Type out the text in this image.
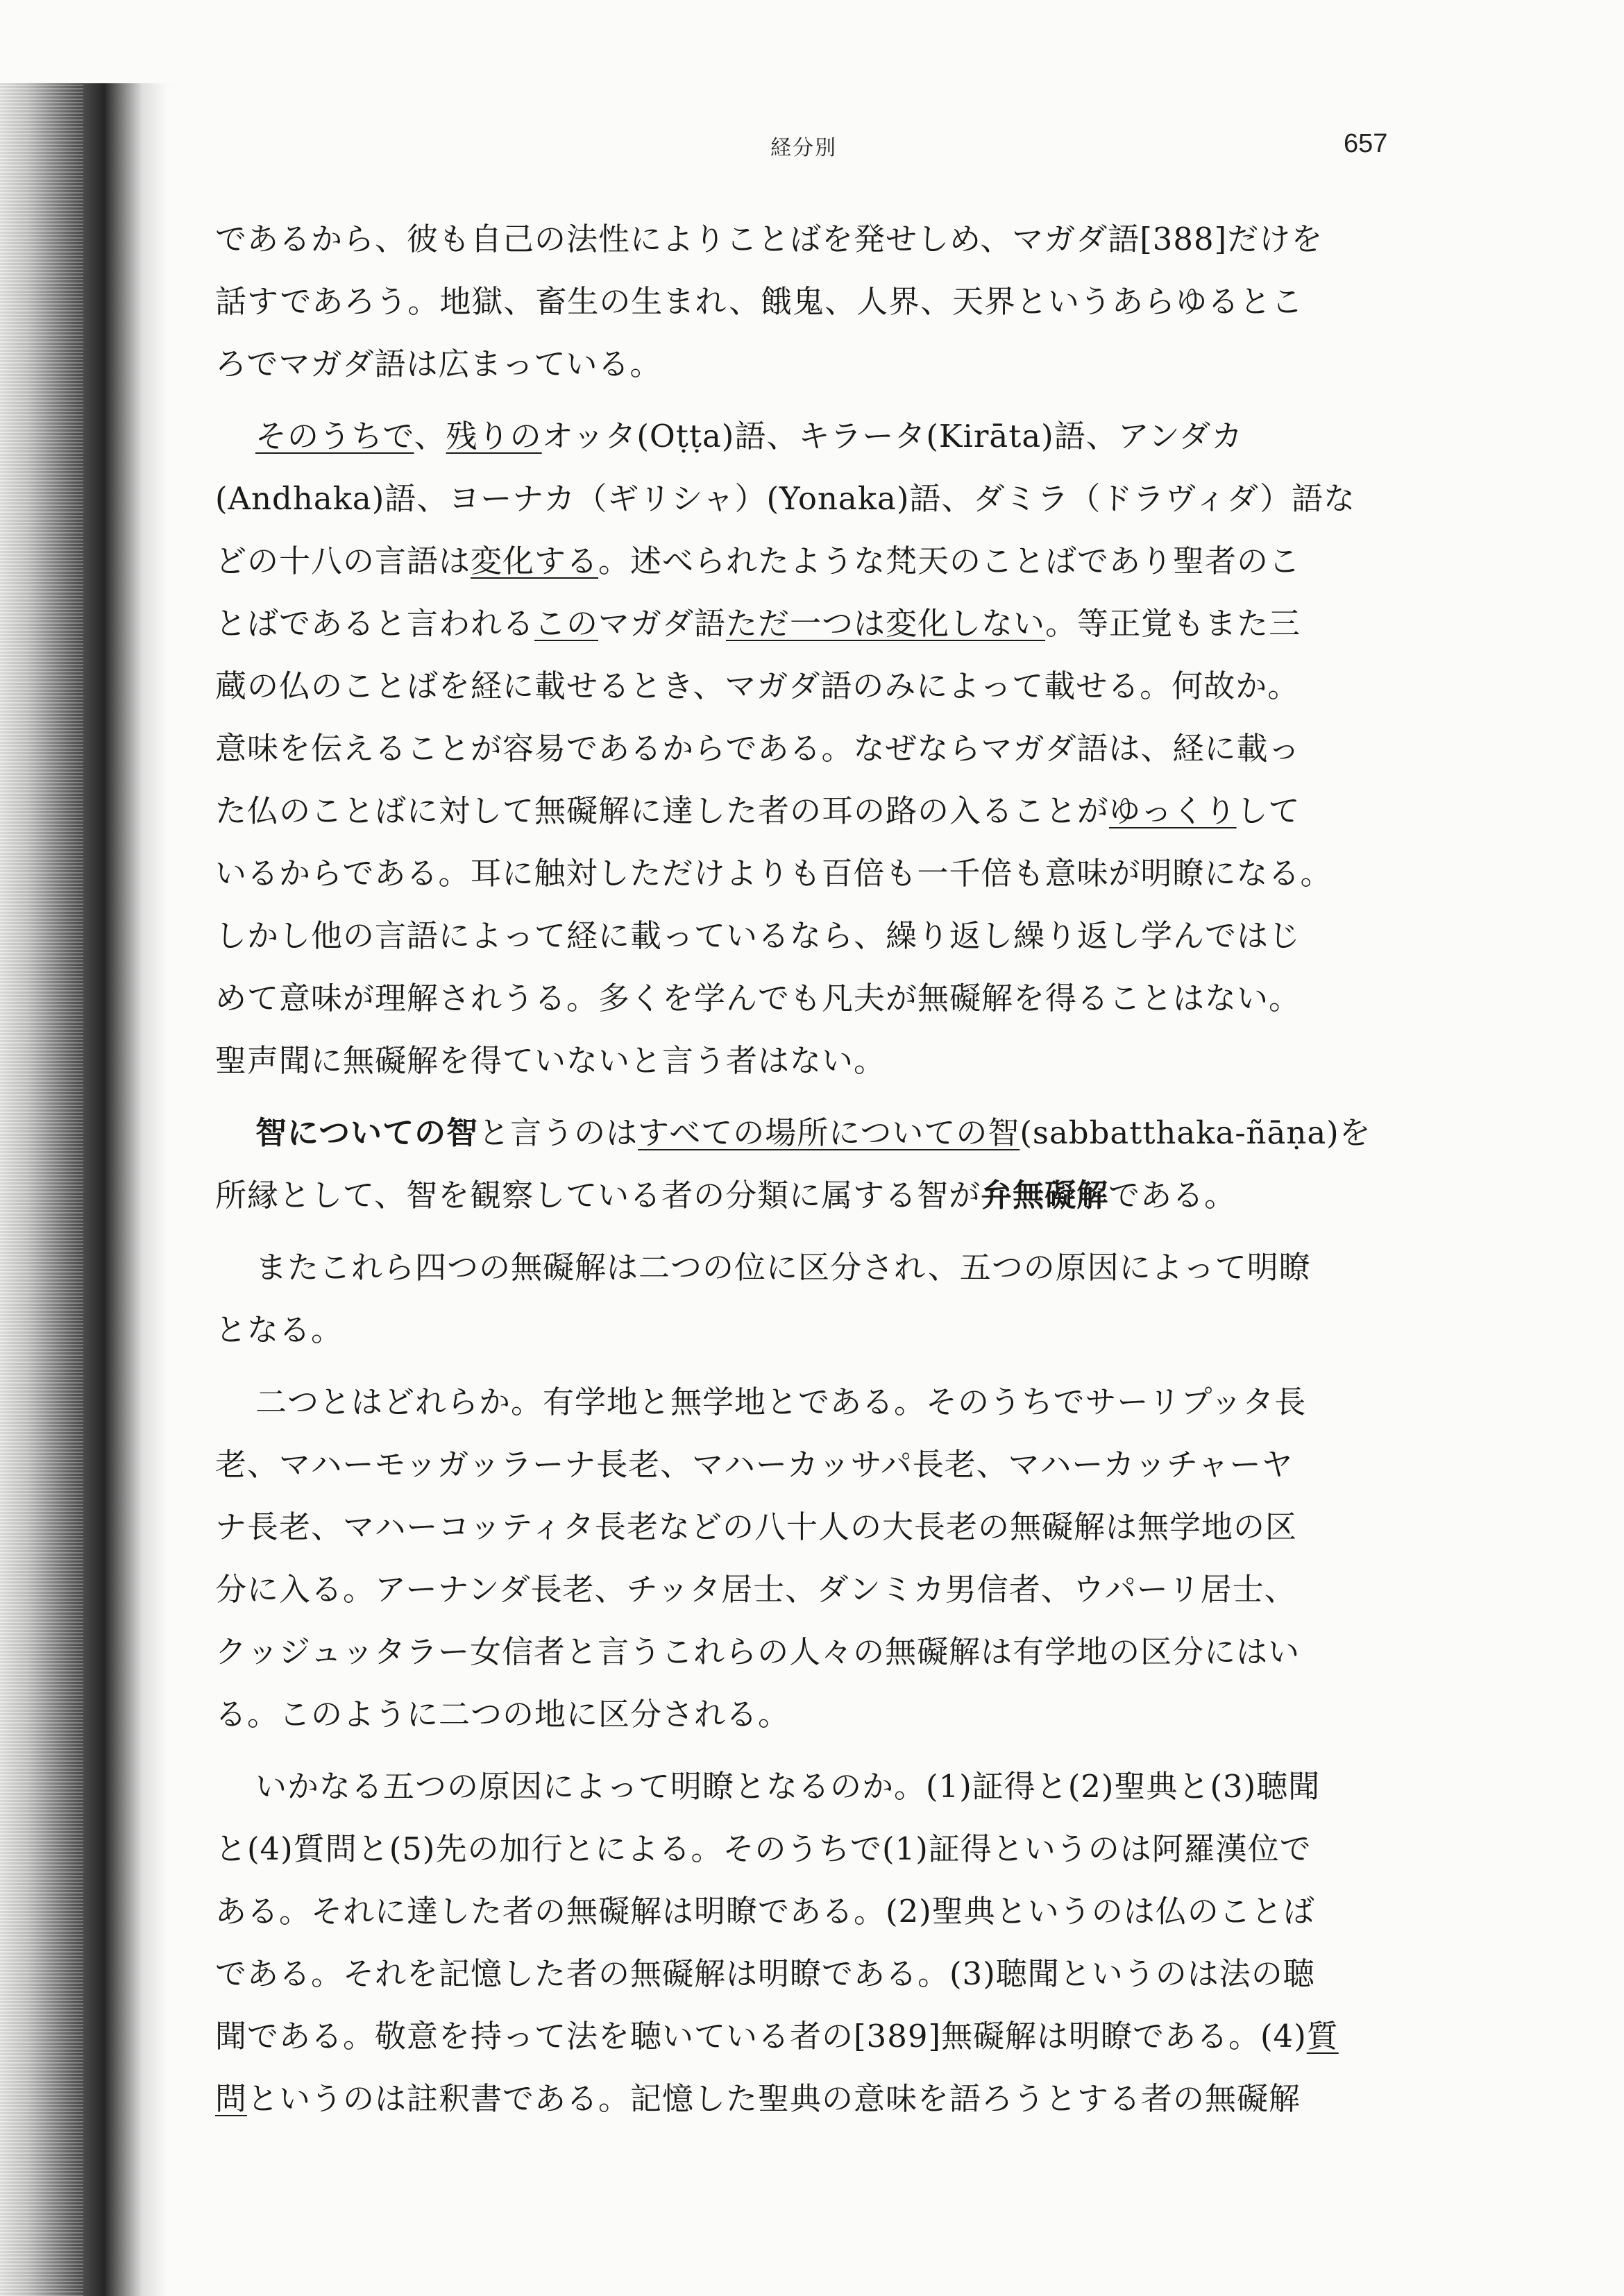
経分別	657
であるから、彼も自己の法性によりことばを発せしめ、マガダ語[388]だけを
話すであろう。地獄、畜生の生まれ、餓鬼、人界、天界というあらゆるとこ
ろでマガダ語は広まっている。
そのうちで、残りのオッタ(Oṭṭa)語、キラータ(Kirāta)語、アンダカ
(Andhaka)語、ヨーナカ（ギリシャ）(Yonaka)語、ダミラ（ドラヴィダ）語な
どの十八の言語は変化する。述べられたような梵天のことばであり聖者のこ
とばであると言われるこのマガダ語ただ一つは変化しない。等正覚もまた三
蔵の仏のことばを経に載せるとき、マガダ語のみによって載せる。何故か。
意味を伝えることが容易であるからである。なぜならマガダ語は、経に載っ
た仏のことばに対して無礙解に達した者の耳の路の入ることがゆっくりして
いるからである。耳に触対しただけよりも百倍も一千倍も意味が明瞭になる。
しかし他の言語によって経に載っているなら、繰り返し繰り返し学んではじ
めて意味が理解されうる。多くを学んでも凡夫が無礙解を得ることはない。
聖声聞に無礙解を得ていないと言う者はない。
智についての智と言うのはすべての場所についての智(sabbatthaka-ñāṇa)を
所縁として、智を観察している者の分類に属する智が弁無礙解である。
またこれら四つの無礙解は二つの位に区分され、五つの原因によって明瞭
となる。
二つとはどれらか。有学地と無学地とである。そのうちでサーリプッタ長
老、マハーモッガッラーナ長老、マハーカッサパ長老、マハーカッチャーヤ
ナ長老、マハーコッティタ長老などの八十人の大長老の無礙解は無学地の区
分に入る。アーナンダ長老、チッタ居士、ダンミカ男信者、ウパーリ居士、
クッジュッタラー女信者と言うこれらの人々の無礙解は有学地の区分にはい
る。このように二つの地に区分される。
いかなる五つの原因によって明瞭となるのか。(1)証得と(2)聖典と(3)聴聞
と(4)質問と(5)先の加行とによる。そのうちで(1)証得というのは阿羅漢位で
ある。それに達した者の無礙解は明瞭である。(2)聖典というのは仏のことば
である。それを記憶した者の無礙解は明瞭である。(3)聴聞というのは法の聴
聞である。敬意を持って法を聴いている者の[389]無礙解は明瞭である。(4)質
問というのは註釈書である。記憶した聖典の意味を語ろうとする者の無礙解
